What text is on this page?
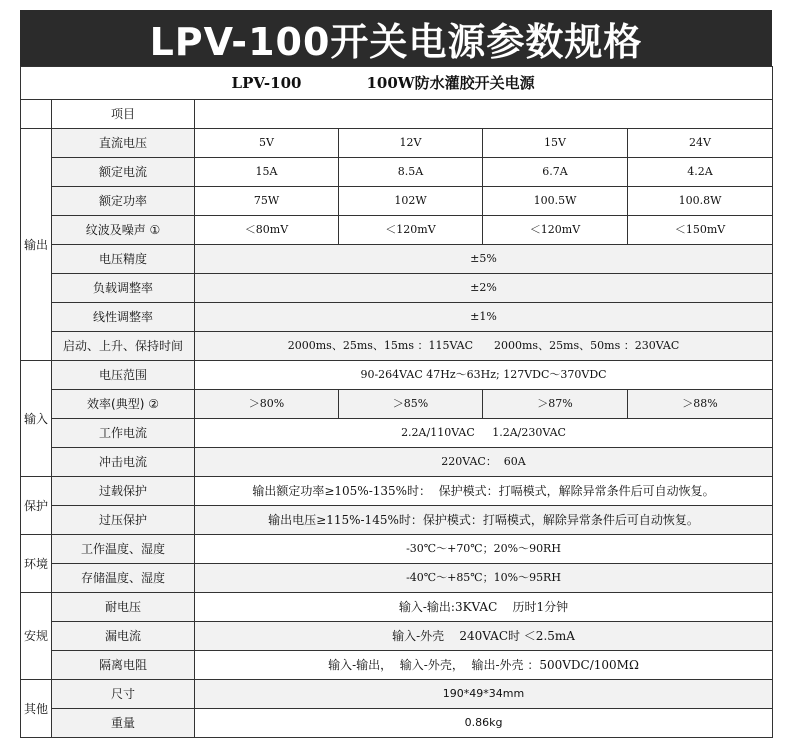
LPV-100开关电源参数规格
		LPV-100	100W防水灌胶开关电源		
	项目				
输出	直流电压	5V	12V	15V	24V
	额定电流	15A	8.5A	6.7A	4.2A
	额定功率	75W	102W	100.5W	100.8W
	纹波及噪声 ①	＜80mV	＜120mV	＜120mV	＜150mV
	电压精度	±5%			
	负载调整率	±2%			
	线性调整率	±1%			
	启动、上升、保持时间	2000ms、25ms、15ms ：115VAC      2000ms、25ms、50ms ：230VAC			
输入	电压范围	90-264VAC 47Hz～63Hz; 127VDC～370VDC			
	效率(典型) ②	＞80%	＞85%	＞87%	＞88%
	工作电流	2.2A/110VAC     1.2A/230VAC			
	冲击电流	220VAC：  60A			
保护	过载保护	输出额定功率≥105%-135%时：  保护模式：打嗝模式，解除异常条件后可自动恢复。			
	过压保护	输出电压≥115%-145%时：保护模式：打嗝模式，解除异常条件后可自动恢复。			
环境	工作温度、湿度	-30℃～+70℃；20%～90RH			
	存储温度、湿度	-40℃～+85℃；10%～95RH			
安规	耐电压	输入-输出:3KVAC    历时1分钟			
	漏电流	输入-外壳    240VAC时 ＜2.5mA			
	隔离电阻	输入-输出，  输入-外壳，  输出-外壳 ：500VDC/100MΩ			
其他	尺寸	190*49*34mm			
	重量	0.86kg			
